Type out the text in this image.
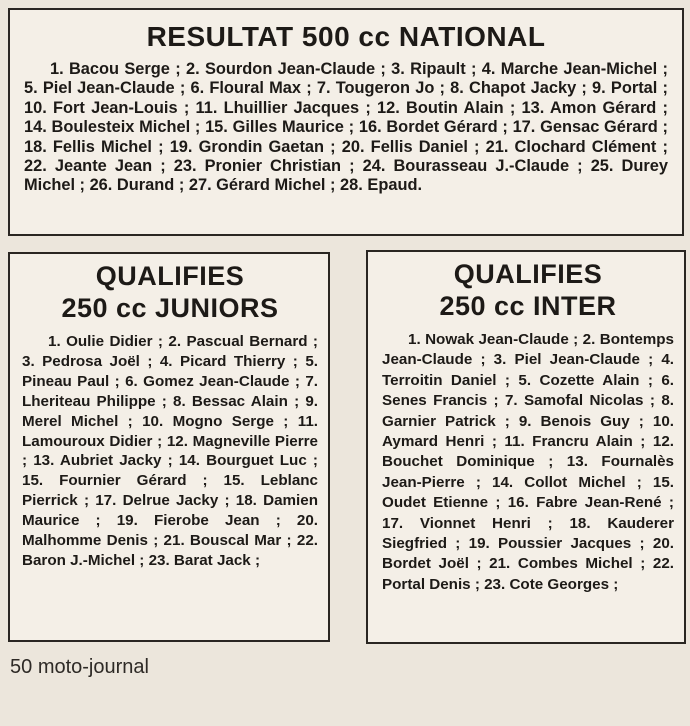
RESULTAT 500 cc NATIONAL

1. Bacou Serge ; 2. Sourdon Jean-Claude ; 3. Ripault ; 4. Marche Jean-Michel ; 5. Piel Jean-Claude ; 6. Floural Max ; 7. Tougeron Jo ; 8. Chapot Jacky ; 9. Portal ; 10. Fort Jean-Louis ; 11. Lhuillier Jacques ; 12. Boutin Alain ; 13. Amon Gérard ; 14. Boulesteix Michel ; 15. Gilles Maurice ; 16. Bordet Gérard ; 17. Gensac Gérard ; 18. Fellis Michel ; 19. Grondin Gaetan ; 20. Fellis Daniel ; 21. Clochard Clément ; 22. Jeante Jean ; 23. Pronier Christian ; 24. Bourasseau J.-Claude ; 25. Durey Michel ; 26. Durand ; 27. Gérard Michel ; 28. Epaud.

QUALIFIES
250 cc JUNIORS

1. Oulie Didier ; 2. Pascual Bernard ; 3. Pedrosa Joël ; 4. Picard Thierry ; 5. Pineau Paul ; 6. Gomez Jean-Claude ; 7. Lheriteau Philippe ; 8. Bessac Alain ; 9. Merel Michel ; 10. Mogno Serge ; 11. Lamouroux Didier ; 12. Magneville Pierre ; 13. Aubriet Jacky ; 14. Bourguet Luc ; 15. Fournier Gérard ; 15. Leblanc Pierrick ; 17. Delrue Jacky ; 18. Damien Maurice ; 19. Fierobe Jean ; 20. Malhomme Denis ; 21. Bouscal Mar ; 22. Baron J.-Michel ; 23. Barat Jack ;

QUALIFIES
250 cc INTER

1. Nowak Jean-Claude ; 2. Bontemps Jean-Claude ; 3. Piel Jean-Claude ; 4. Terroitin Daniel ; 5. Cozette Alain ; 6. Senes Francis ; 7. Samofal Nicolas ; 8. Garnier Patrick ; 9. Benois Guy ; 10. Aymard Henri ; 11. Francru Alain ; 12. Bouchet Dominique ; 13. Fournalès Jean-Pierre ; 14. Collot Michel ; 15. Oudet Etienne ; 16. Fabre Jean-René ; 17. Vionnet Henri ; 18. Kauderer Siegfried ; 19. Poussier Jacques ; 20. Bordet Joël ; 21. Combes Michel ; 22. Portal Denis ; 23. Cote Georges ;

50 moto-journal
